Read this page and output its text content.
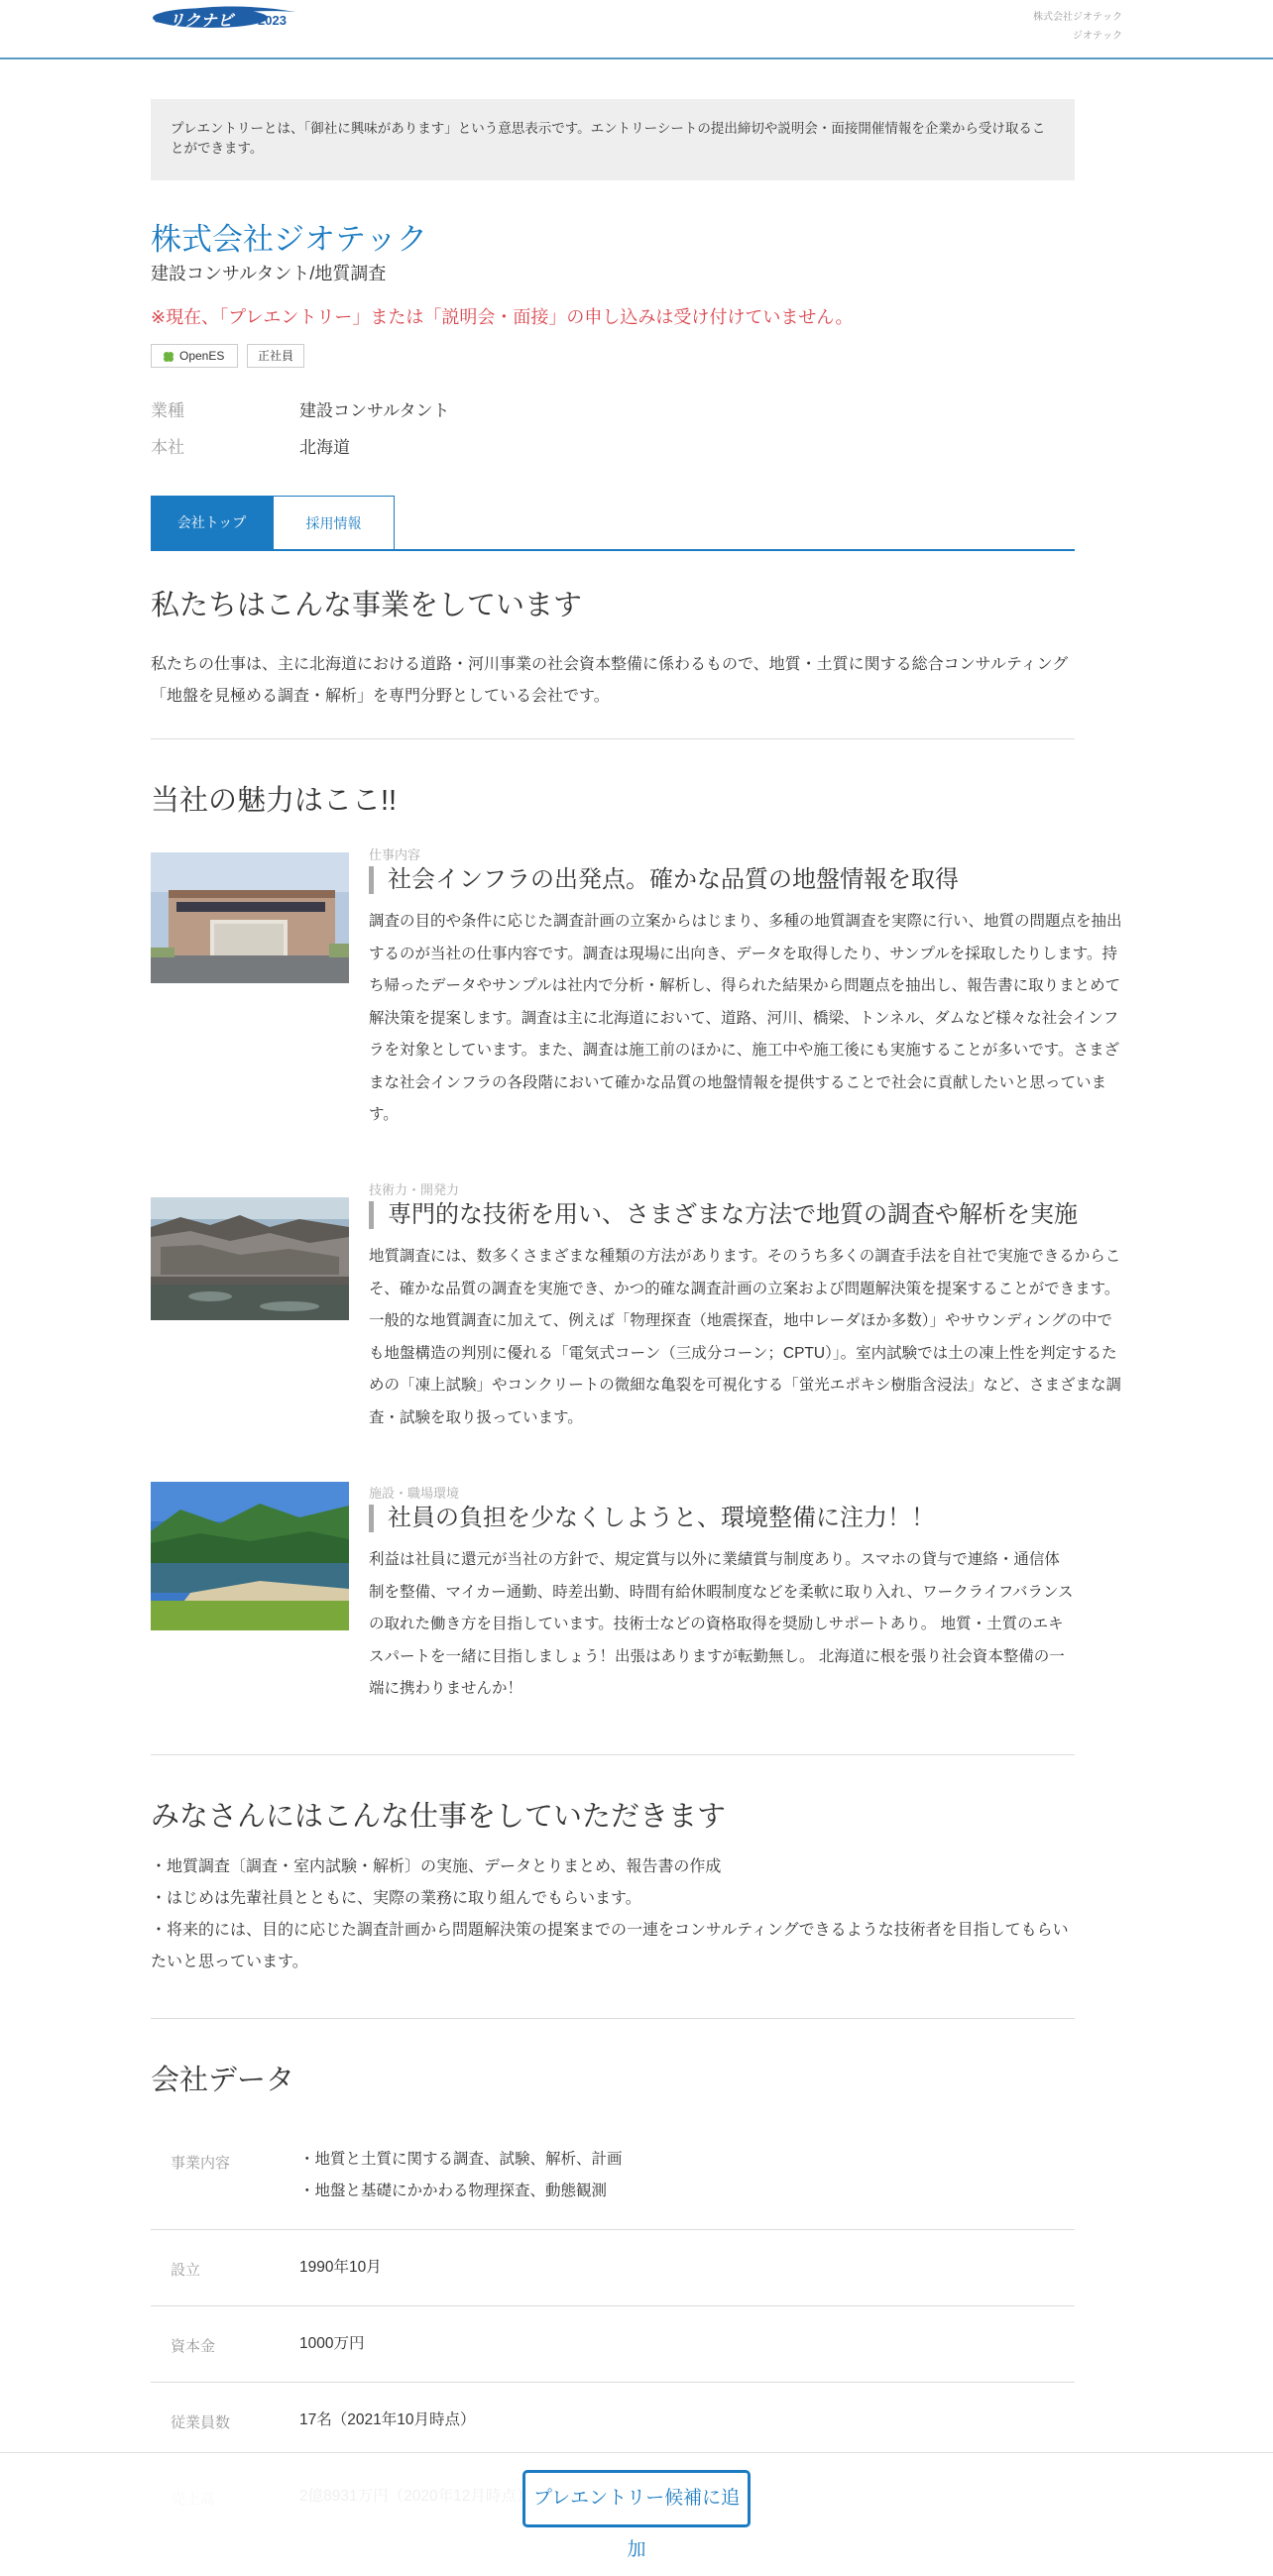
リクナビ 2023	株式会社ジオテック
ジオテック
プレエントリーとは、「御社に興味があります」という意思表示です。エントリーシートの提出締切や説明会・面接開催情報を企業から受け取ることができます。
株式会社ジオテック
建設コンサルタント/地質調査
※現在、「プレエントリー」または「説明会・面接」の申し込みは受け付けていません。
OpenES	正社員
業種	建設コンサルタント
本社	北海道
会社トップ	採用情報
私たちはこんな事業をしています
私たちの仕事は、主に北海道における道路・河川事業の社会資本整備に係わるもので、地質・土質に関する総合コンサルティング「地盤を見極める調査・解析」を専門分野としている会社です。
当社の魅力はここ!!
仕事内容
社会インフラの出発点。確かな品質の地盤情報を取得
調査の目的や条件に応じた調査計画の立案からはじまり、多種の地質調査を実際に行い、地質の問題点を抽出するのが当社の仕事内容です。調査は現場に出向き、データを取得したり、サンプルを採取したりします。持ち帰ったデータやサンプルは社内で分析・解析し、得られた結果から問題点を抽出し、報告書に取りまとめて解決策を提案します。調査は主に北海道において、道路、河川、橋梁、トンネル、ダムなど様々な社会インフラを対象としています。また、調査は施工前のほかに、施工中や施工後にも実施することが多いです。さまざまな社会インフラの各段階において確かな品質の地盤情報を提供することで社会に貢献したいと思っています。
技術力・開発力
専門的な技術を用い、さまざまな方法で地質の調査や解析を実施
地質調査には、数多くさまざまな種類の方法があります。そのうち多くの調査手法を自社で実施できるからこそ、確かな品質の調査を実施でき、かつ的確な調査計画の立案および問題解決策を提案することができます。一般的な地質調査に加えて、例えば「物理探査（地震探査，地中レーダほか多数）」やサウンディングの中でも地盤構造の判別に優れる「電気式コーン（三成分コーン；CPTU）」。室内試験では土の凍上性を判定するための「凍上試験」やコンクリートの微細な亀裂を可視化する「蛍光エポキシ樹脂含浸法」など、さまざまな調査・試験を取り扱っています。
施設・職場環境
社員の負担を少なくしようと、環境整備に注力！！
利益は社員に還元が当社の方針で、規定賞与以外に業績賞与制度あり。スマホの貸与で連絡・通信体制を整備、マイカー通勤、時差出勤、時間有給休暇制度などを柔軟に取り入れ、ワークライフバランスの取れた働き方を目指しています。技術士などの資格取得を奨励しサポートあり。 地質・土質のエキスパートを一緒に目指しましょう！出張はありますが転勤無し。 北海道に根を張り社会資本整備の一端に携わりませんか！
みなさんにはこんな仕事をしていただきます
・地質調査〔調査・室内試験・解析〕の実施、データとりまとめ、報告書の作成
・はじめは先輩社員とともに、実際の業務に取り組んでもらいます。
・将来的には、目的に応じた調査計画から問題解決策の提案までの一連をコンサルティングできるような技術者を目指してもらいたいと思っています。
会社データ
事業内容	・地質と土質に関する調査、試験、解析、計画
・地盤と基礎にかかわる物理探査、動態観測
設立	1990年10月
資本金	1000万円
従業員数	17名（2021年10月時点）
プレエントリー候補に追加
